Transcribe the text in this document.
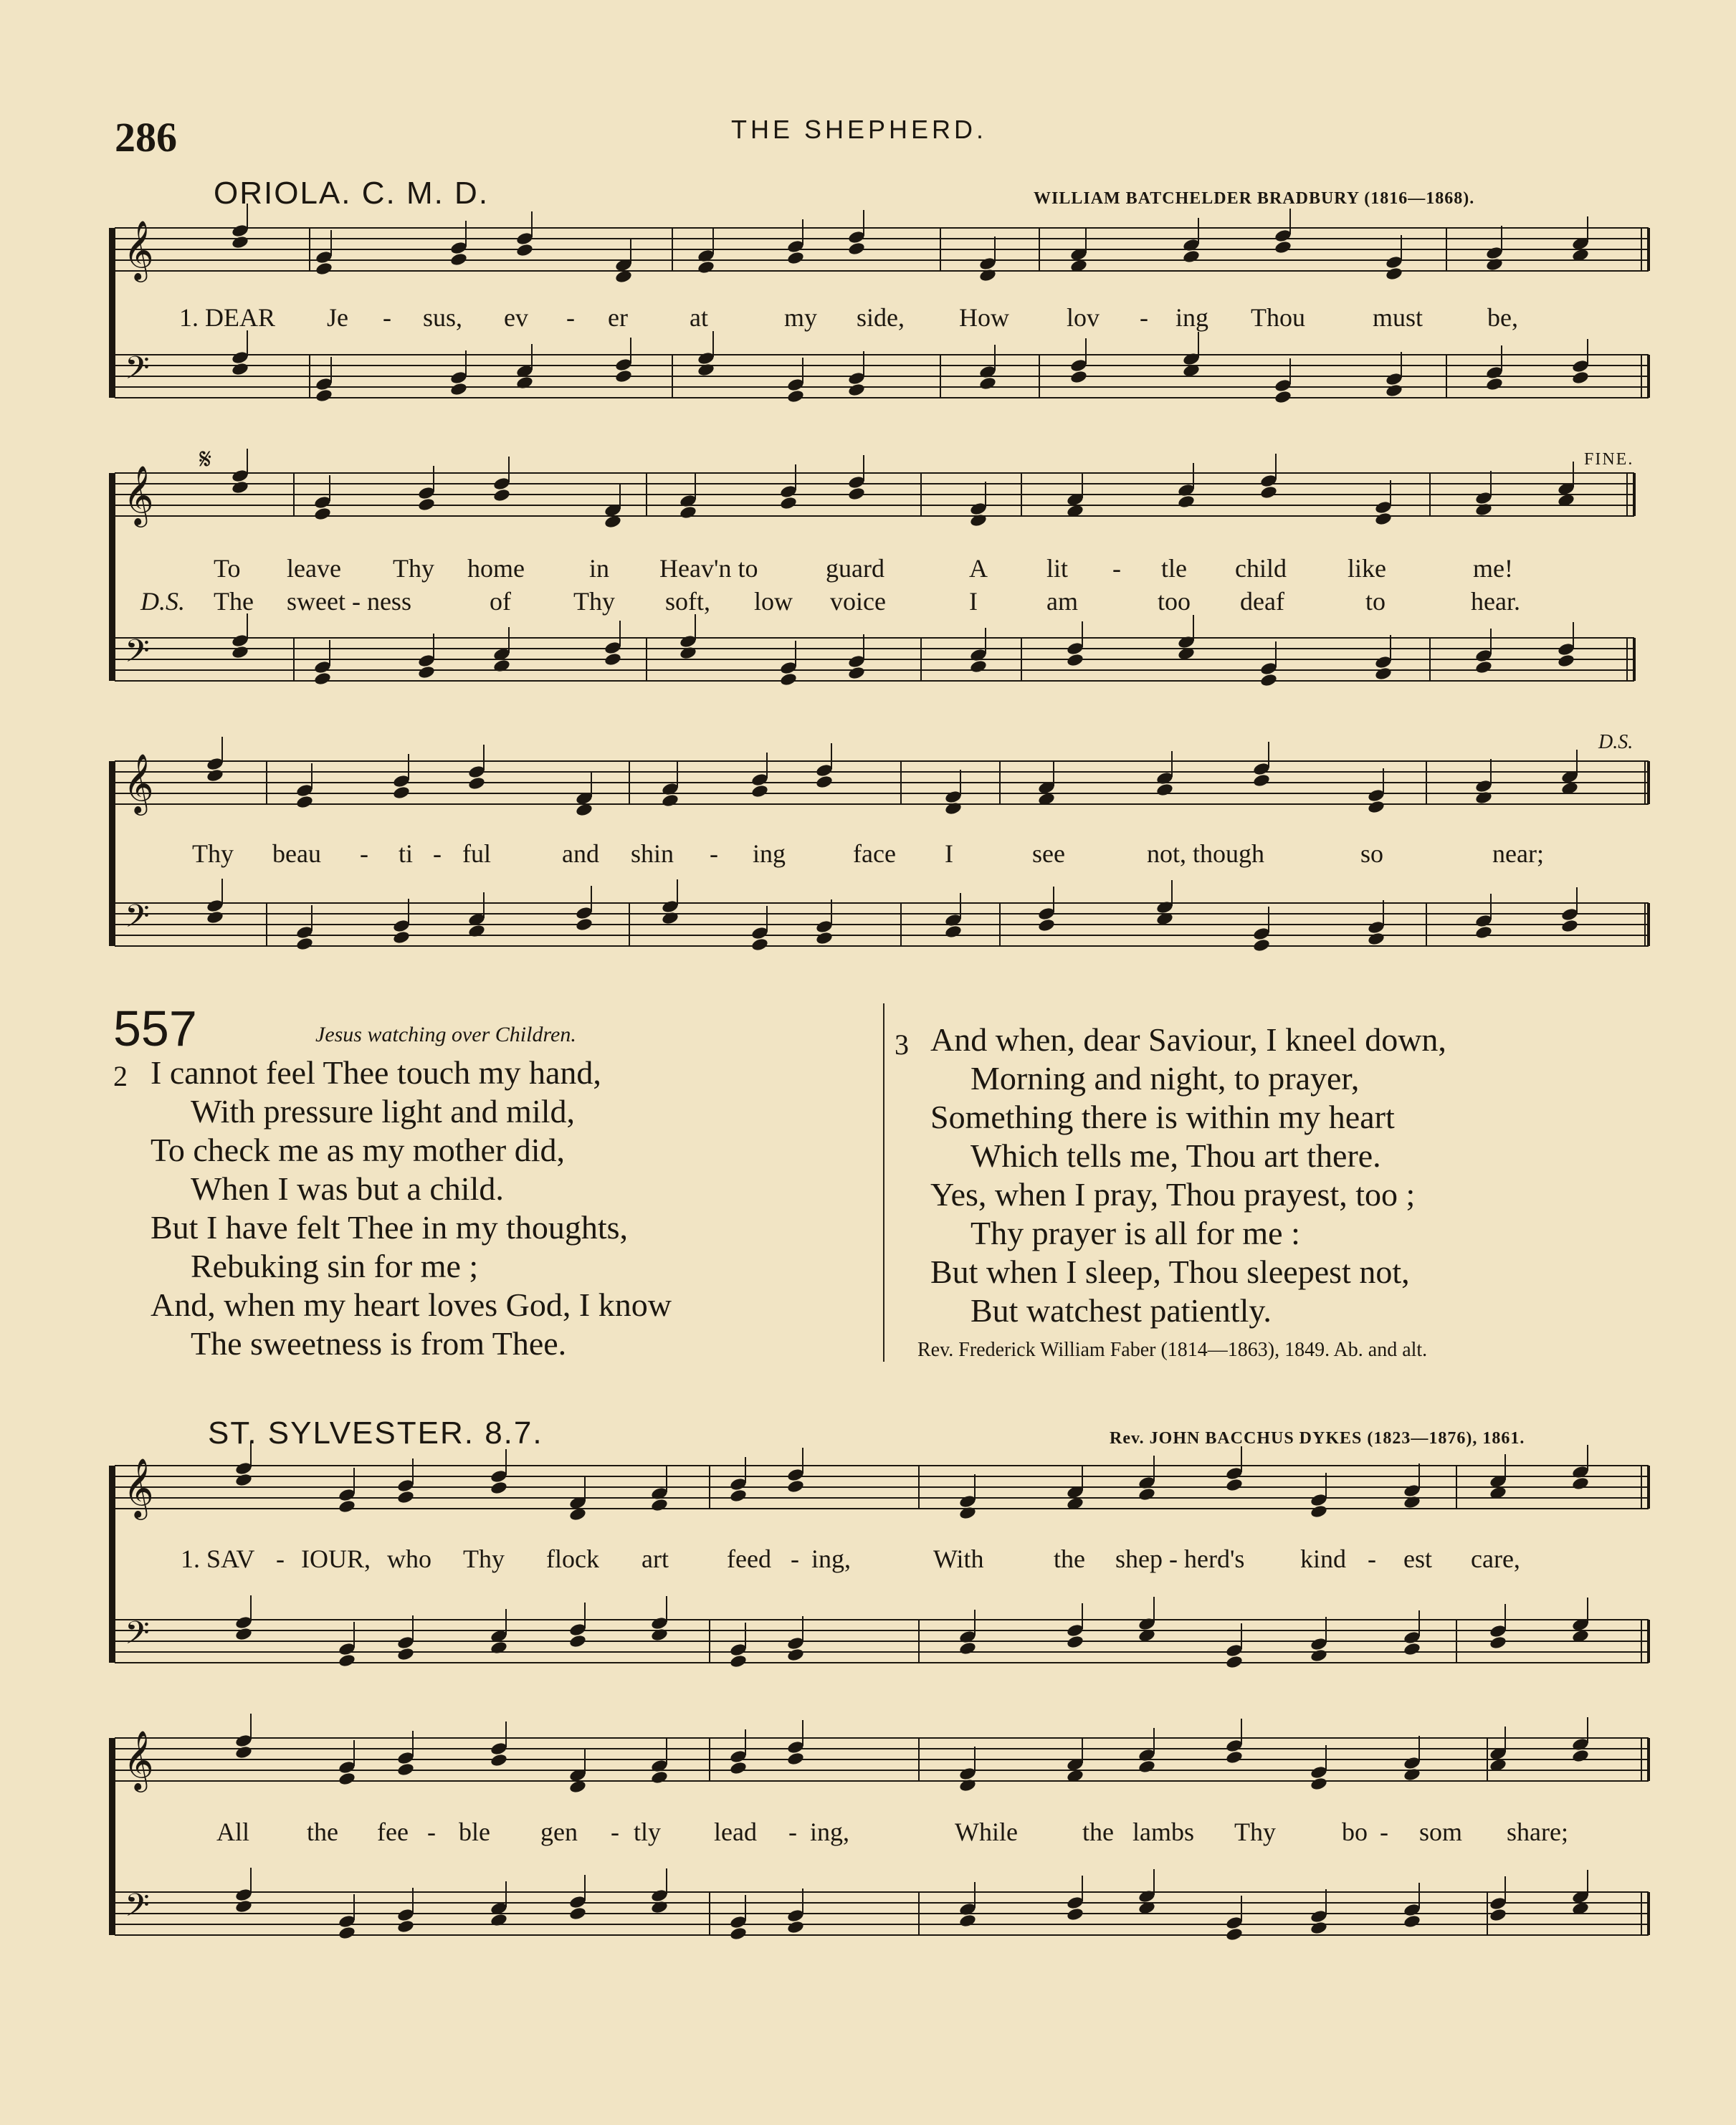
286	THE SHEPHERD.
ORIOLA. C. M. D.	WILLIAM BATCHELDER BRADBURY (1816—1868).
FINE.
D.S.
𝄋
1. DEAR Je - sus, ev - er at	my side, How lov - ing Thou	must be,
To leave Thy home	in Heav'n to	guard	A lit - tle child like	me!
D.S. The sweet - ness	of Thy soft, low voice	I	am	too deaf	to	hear.
Thy beau - ti - ful	and shin - ing	face I	see	not, though	so	near;
557	Jesus watching over Children.
2 I cannot feel Thee touch my hand,
With pressure light and mild,
To check me as my mother did,
When I was but a child.
But I have felt Thee in my thoughts,
Rebuking sin for me ;
And, when my heart loves God, I know
The sweetness is from Thee.
3 And when, dear Saviour, I kneel down,
Morning and night, to prayer,
Something there is within my heart
Which tells me, Thou art there.
Yes, when I pray, Thou prayest, too ;
Thy prayer is all for me :
But when I sleep, Thou sleepest not,
But watchest patiently.
Rev. Frederick William Faber (1814—1863), 1849. Ab. and alt.
ST. SYLVESTER. 8.7.	Rev. JOHN BACCHUS DYKES (1823—1876), 1861.
1. SAV - IOUR, who Thy flock art feed - ing,	With	the shep - herd's kind - est care,
All the fee - ble gen - tly lead - ing,	While	the lambs Thy	bo - som share;
𝄞
𝄢
𝄞
𝄢
𝄞
𝄢
𝄞
𝄢
𝄞
𝄢
